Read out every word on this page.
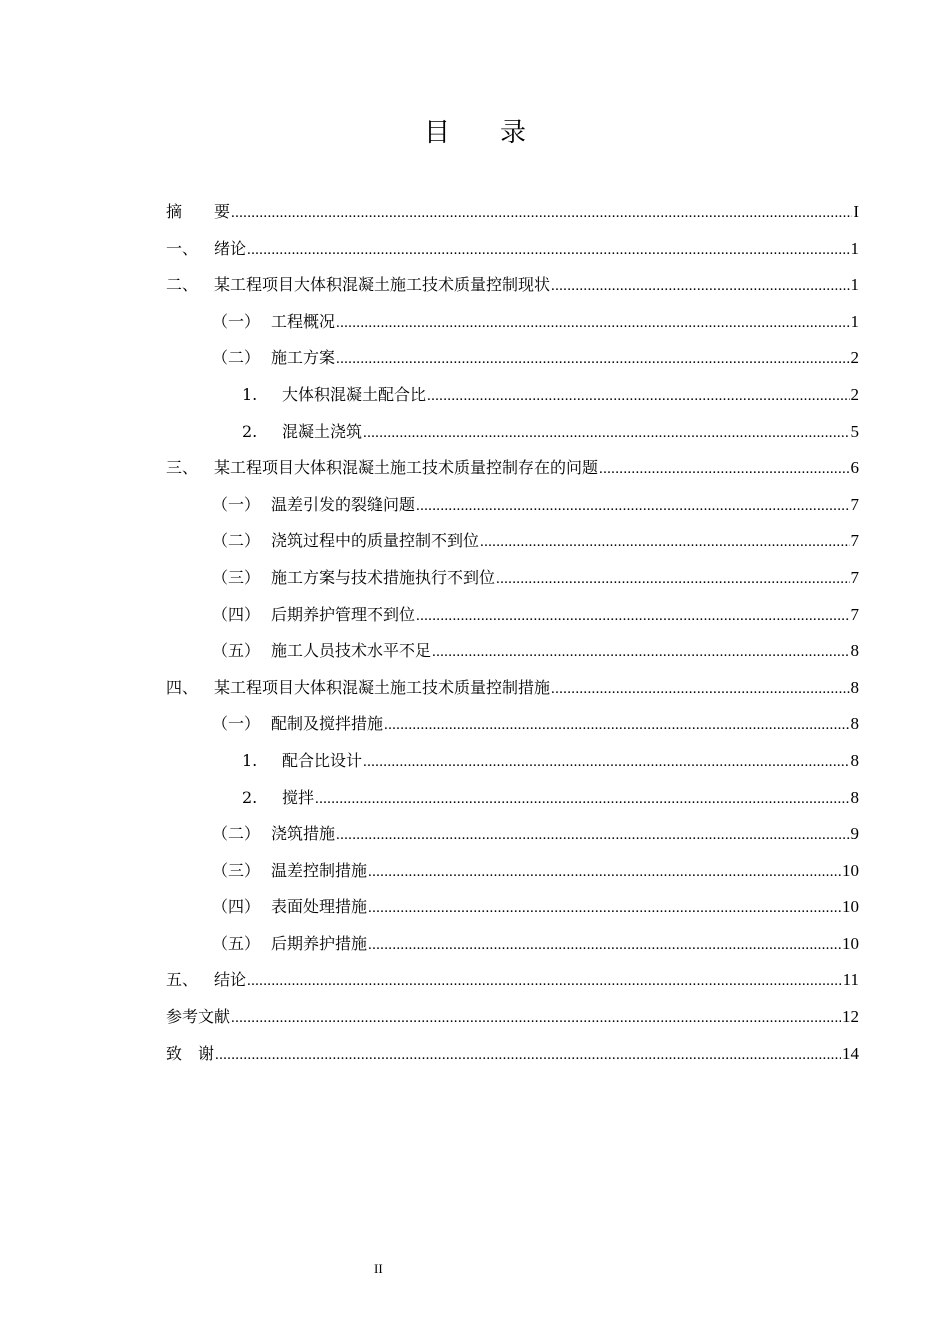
目 录
摘　　要 .....	I
一、 绪论 .....	1
二、 某工程项目大体积混凝土施工技术质量控制现状 .....	1
（一） 工程概况 .....	1
（二） 施工方案 .....	2
1.	大体积混凝土配合比 .....	2
2.	混凝土浇筑 .....	5
三、 某工程项目大体积混凝土施工技术质量控制存在的问题 .....	6
（一） 温差引发的裂缝问题 .....	7
（二） 浇筑过程中的质量控制不到位 .....	7
（三） 施工方案与技术措施执行不到位 .....	7
（四） 后期养护管理不到位 .....	7
（五） 施工人员技术水平不足 .....	8
四、 某工程项目大体积混凝土施工技术质量控制措施 .....	8
（一） 配制及搅拌措施 .....	8
1.	配合比设计 .....	8
2.	搅拌 .....	8
（二） 浇筑措施 .....	9
（三） 温差控制措施 .....	10
（四） 表面处理措施 .....	10
（五） 后期养护措施 .....	10
五、 结论 .....	11
参考文献 .....	12
致　谢 .....	14
II
